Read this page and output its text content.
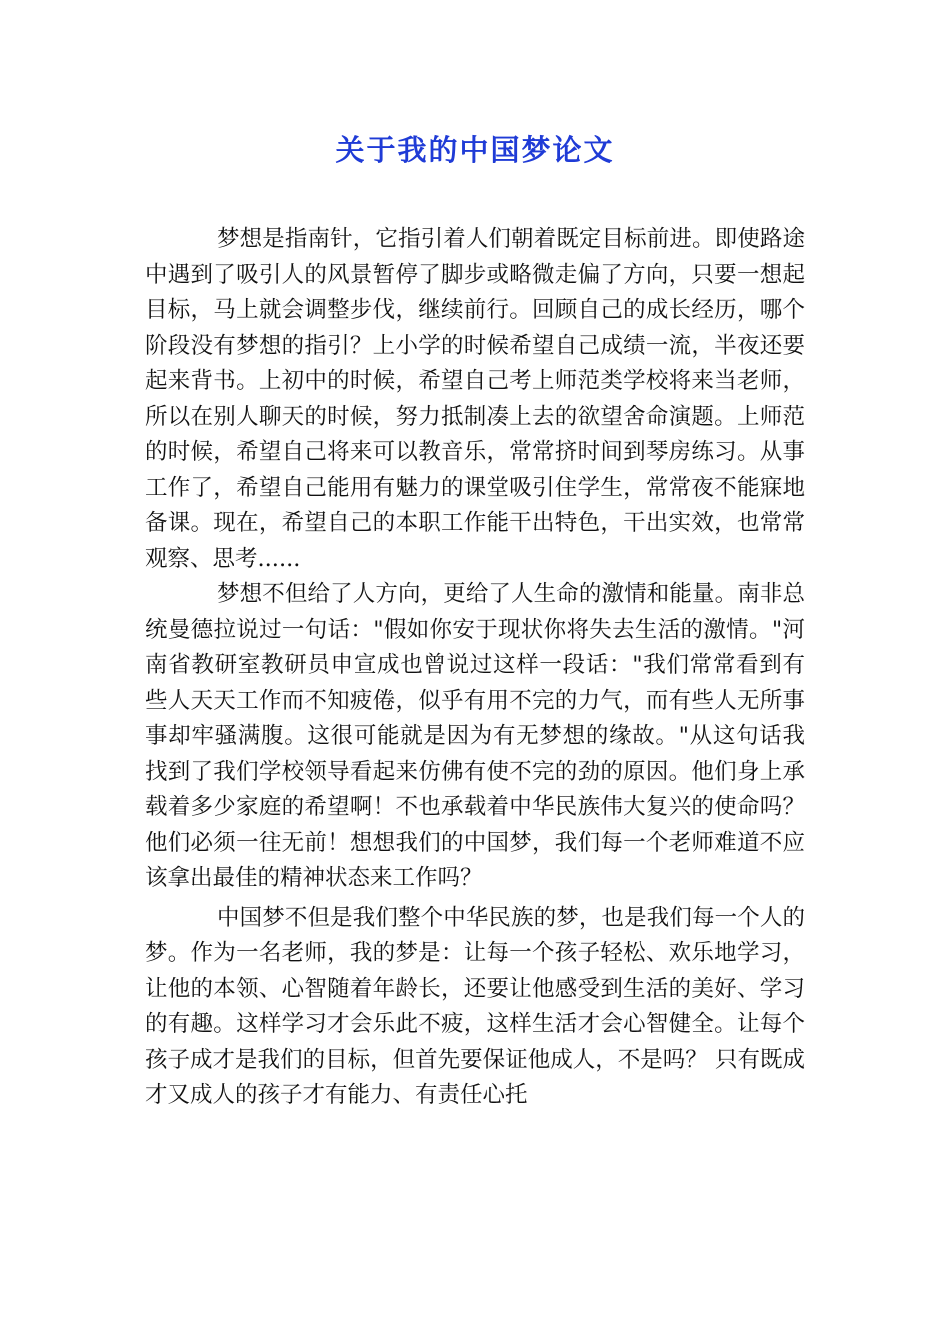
关于我的中国梦论文

梦想是指南针，它指引着人们朝着既定目标前进。即使路途中遇到了吸引人的风景暂停了脚步或略微走偏了方向，只要一想起目标，马上就会调整步伐，继续前行。回顾自己的成长经历，哪个阶段没有梦想的指引？上小学的时候希望自己成绩一流，半夜还要起来背书。上初中的时候，希望自己考上师范类学校将来当老师，所以在别人聊天的时候，努力抵制凑上去的欲望舍命演题。上师范的时候，希望自己将来可以教音乐，常常挤时间到琴房练习。从事工作了，希望自己能用有魅力的课堂吸引住学生，常常夜不能寐地备课。现在，希望自己的本职工作能干出特色，干出实效，也常常观察、思考......

梦想不但给了人方向，更给了人生命的激情和能量。南非总统曼德拉说过一句话："假如你安于现状你将失去生活的激情。"河南省教研室教研员申宣成也曾说过这样一段话："我们常常看到有些人天天工作而不知疲倦，似乎有用不完的力气，而有些人无所事事却牢骚满腹。这很可能就是因为有无梦想的缘故。"从这句话我找到了我们学校领导看起来仿佛有使不完的劲的原因。他们身上承载着多少家庭的希望啊！不也承载着中华民族伟大复兴的使命吗？他们必须一往无前！想想我们的中国梦，我们每一个老师难道不应该拿出最佳的精神状态来工作吗？

中国梦不但是我们整个中华民族的梦，也是我们每一个人的梦。作为一名老师，我的梦是：让每一个孩子轻松、欢乐地学习，让他的本领、心智随着年龄长，还要让他感受到生活的美好、学习的有趣。这样学习才会乐此不疲，这样生活才会心智健全。让每个孩子成才是我们的目标，但首先要保证他成人，不是吗？ 只有既成才又成人的孩子才有能力、有责任心托
